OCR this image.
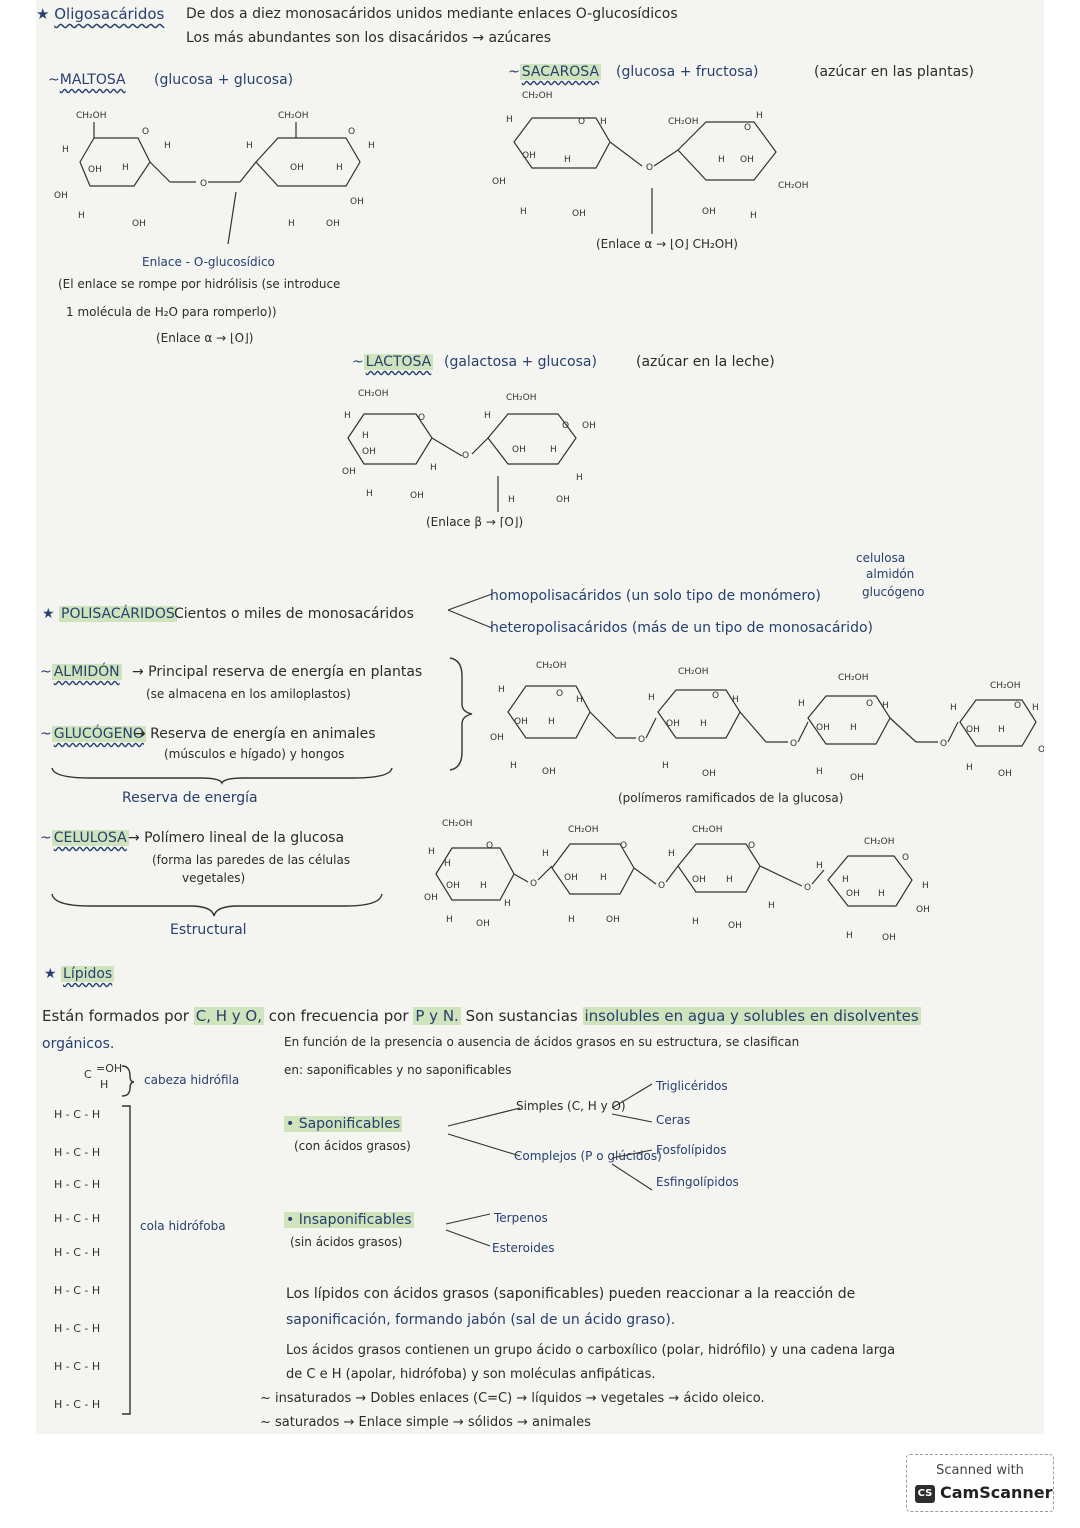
★ Oligosacáridos De dos a diez monosacáridos unidos mediante enlaces O-glucosídicos
Los más abundantes son los disacáridos → azúcares
~MALTOSA (glucosa + glucosa)
CH₂OH
O
H
H
OH H
OH
H
OH
O
CH₂OH
O
H
H
OH	H
OH
H	OH
Enlace - O-glucosídico
(El enlace se rompe por hidrólisis (se introduce
1 molécula de H₂O para romperlo))
(Enlace α → ⌊O⌋)
~ SACAROSA (glucosa + fructosa)	(azúcar en las plantas)
CH₂OH
O H
H
OH	H
OH
H	OH
O
CH₂OH
H
O
H OH
CH₂OH
OH	H
(Enlace α → ⌊O⌋ CH₂OH)
~ LACTOSA (galactosa + glucosa)	(azúcar en la leche)
CH₂OH
O
H
H
OH
H
OH
H	OH
O
CH₂OH
O OH
H
OH	H
H
H	OH
(Enlace β → ⌈O⌋)
★ POLISACÁRIDOS Cientos o miles de monosacáridos
homopolisacáridos (un solo tipo de monómero)
heteropolisacáridos (más de un tipo de monosacárido)
celulosa
almidón
glucógeno
~ ALMIDÓN → Principal reserva de energía en plantas
(se almacena en los amiloplastos)
~ GLUCÓGENO
→ Reserva de energía en animales
(músculos e hígado) y hongos
Reserva de energía
CH₂OH
O
H
H
OH H
OH
H
OH
O
CH₂OH
O H
H
OH H
H
OH
O
CH₂OH
O H
H
OH H
H
OH
O
CH₂OH
O H
H
OH H
OH
H
OH
(polímeros ramificados de la glucosa)
~ CELULOSA → Polímero lineal de la glucosa
(forma las paredes de las células
vegetales)
Estructural
CH₂OH
O
H
H
OH H
OH
H	OH
H
O
CH₂OH
O
H
OH H
H	OH
O
CH₂OH
O
H
OH H
H	OH
H
O
CH₂OH
O
H
H
OH H
H
OH
H	OH
★ Lípidos
Están formados por C, H y O, con frecuencia por P y N. Son sustancias insolubles en agua y solubles en disolventes
orgánicos.	En función de la presencia o ausencia de ácidos grasos en su estructura, se clasifican
en: saponificables y no saponificables
C =OH
H
H - C - H
H - C - H
H - C - H
H - C - H
H - C - H
H - C - H
H - C - H
H - C - H
H - C - H
cabeza hidrófila
cola hidrófoba
• Saponificables
(con ácidos grasos)
Simples (C, H y O)
Complejos (P o glúcidos)
Triglicéridos
Ceras
Fosfolípidos
Esfingolípidos
• Insaponificables
(sin ácidos grasos)
Terpenos
Esteroides
Los lípidos con ácidos grasos (saponificables) pueden reaccionar a la reacción de
saponificación, formando jabón (sal de un ácido graso).
Los ácidos grasos contienen un grupo ácido o carboxílico (polar, hidrófilo) y una cadena larga
de C e H (apolar, hidrófoba) y son moléculas anfipáticas.
~ insaturados → Dobles enlaces (C=C) → líquidos → vegetales → ácido oleico.
~ saturados → Enlace simple → sólidos → animales
Scanned with
CS CamScanner
